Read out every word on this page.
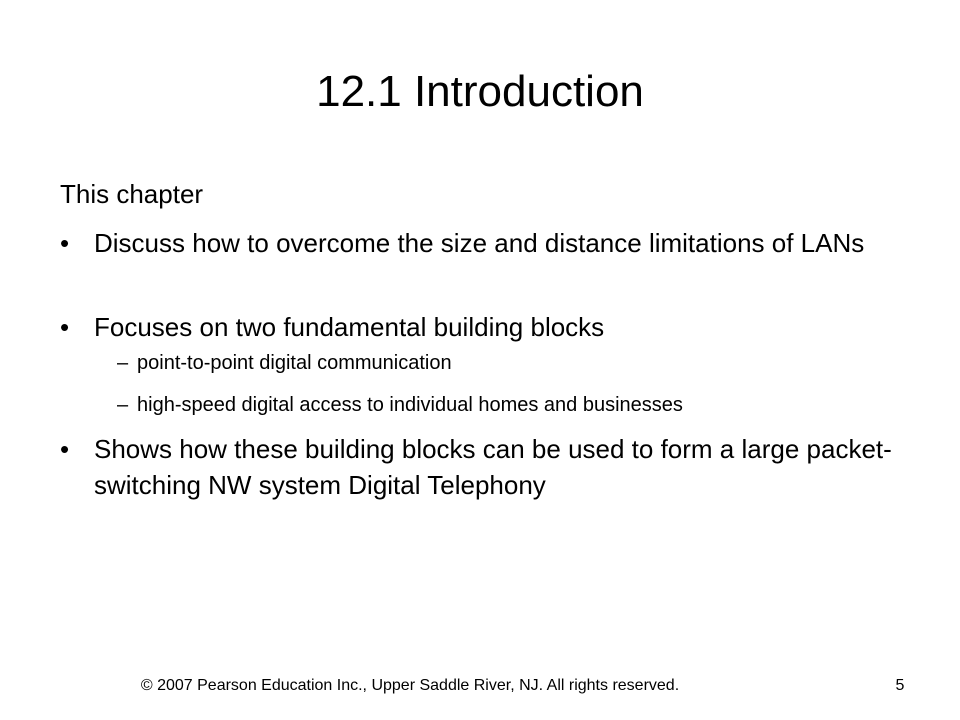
12.1 Introduction
This chapter
• Discuss how to overcome the size and distance limitations of LANs
• Focuses on two fundamental building blocks
– point-to-point digital communication
– high-speed digital access to individual homes and businesses
• Shows how these building blocks can be used to form a large packet-switching NW system Digital Telephony
© 2007 Pearson Education Inc., Upper Saddle River, NJ. All rights reserved.	5
